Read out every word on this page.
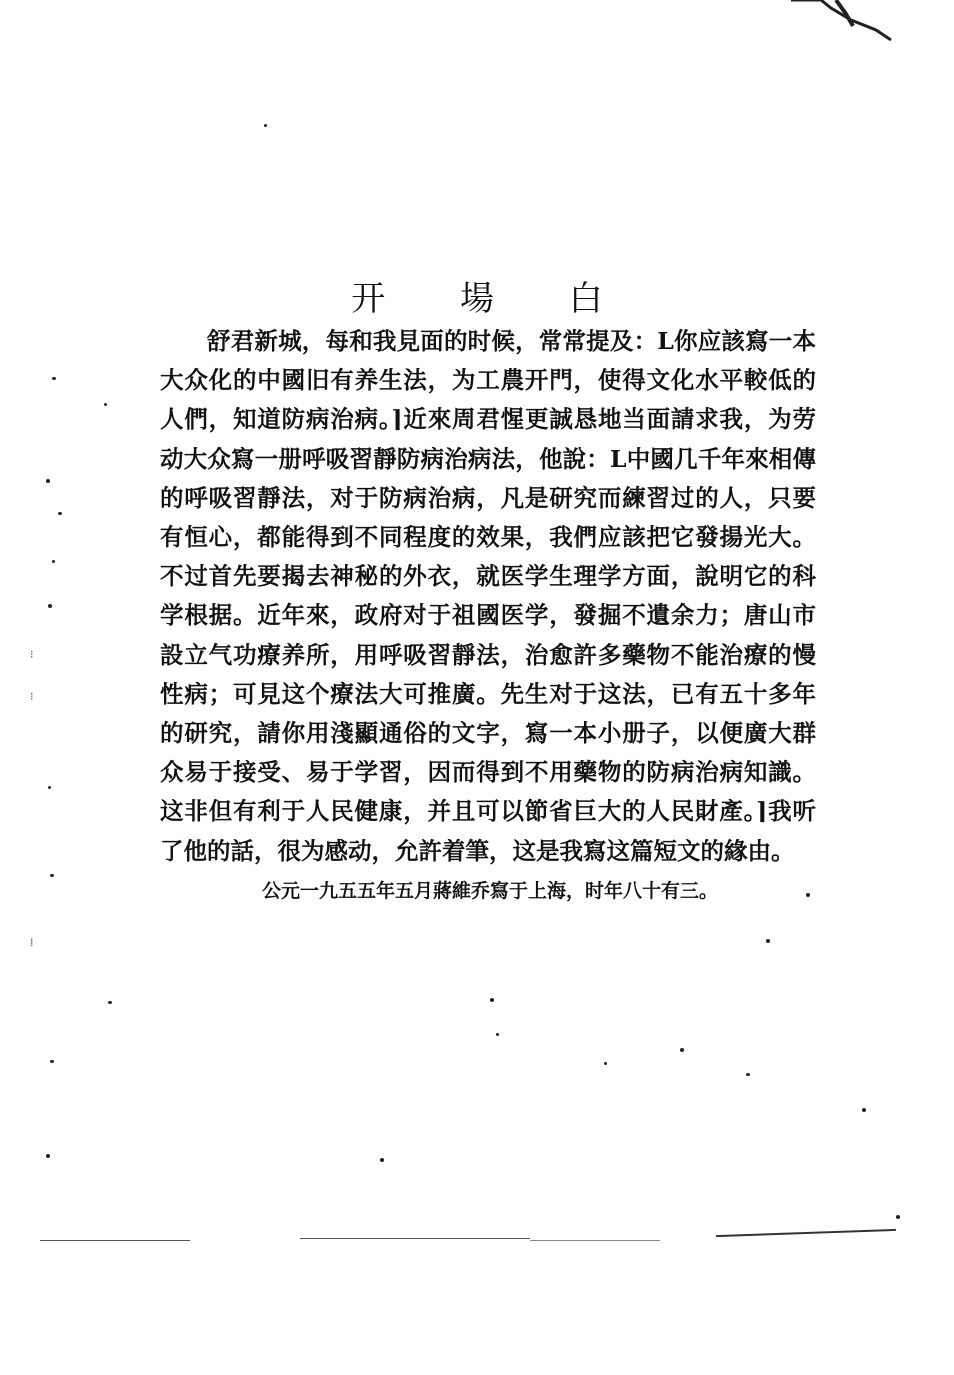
开 場 白

舒君新城，每和我見面的时候，常常提及：L你应該寫一本大众化的中國旧有养生法，为工農开門，使得文化水平較低的人們，知道防病治病。⌉近來周君惺更誠恳地当面請求我，为劳动大众寫一册呼吸習靜防病治病法，他說：L中國几千年來相傳的呼吸習靜法，对于防病治病，凡是研究而練習过的人，只要有恒心，都能得到不同程度的效果，我們应該把它發揚光大。不过首先要揭去神秘的外衣，就医学生理学方面，說明它的科学根据。近年來，政府对于祖國医学，發掘不遺余力；唐山市設立气功療养所，用呼吸習靜法，治愈許多藥物不能治療的慢性病；可見这个療法大可推廣。先生对于这法，已有五十多年的研究，請你用淺顯通俗的文字，寫一本小册子，以便廣大群众易于接受、易于学習，因而得到不用藥物的防病治病知識。这非但有利于人民健康，并且可以節省巨大的人民財產。⌉我听了他的話，很为感动，允許着筆，这是我寫这篇短文的緣由。

公元一九五五年五月蔣維乔寫于上海，时年八十有三。
⁝
⁝
⁞
